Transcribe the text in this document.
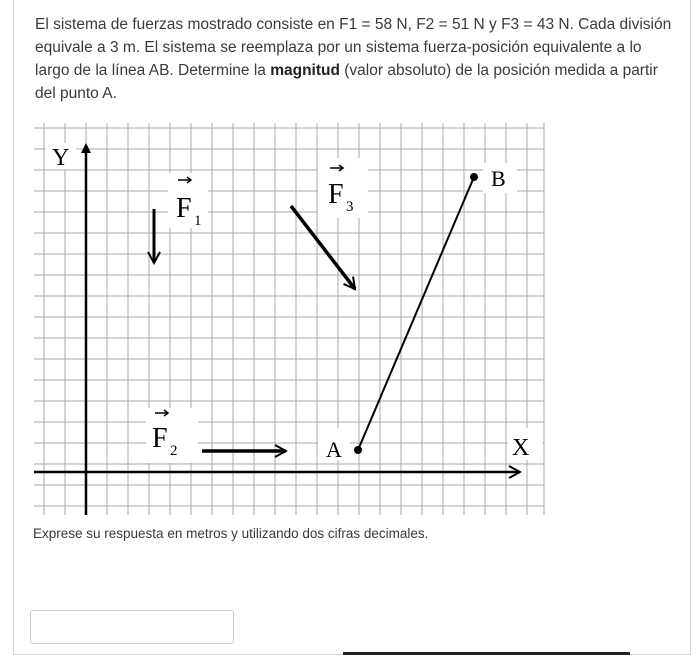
El sistema de fuerzas mostrado consiste en F1 = 58 N, F2 = 51 N y F3 = 43 N. Cada división equivale a 3 m. El sistema se reemplaza por un sistema fuerza-posición equivalente a lo largo de la línea AB. Determine la magnitud (valor absoluto) de la posición medida a partir del punto A.
Y
X
F 1
F 3
F 2	A
B
Exprese su respuesta en metros y utilizando dos cifras decimales.
